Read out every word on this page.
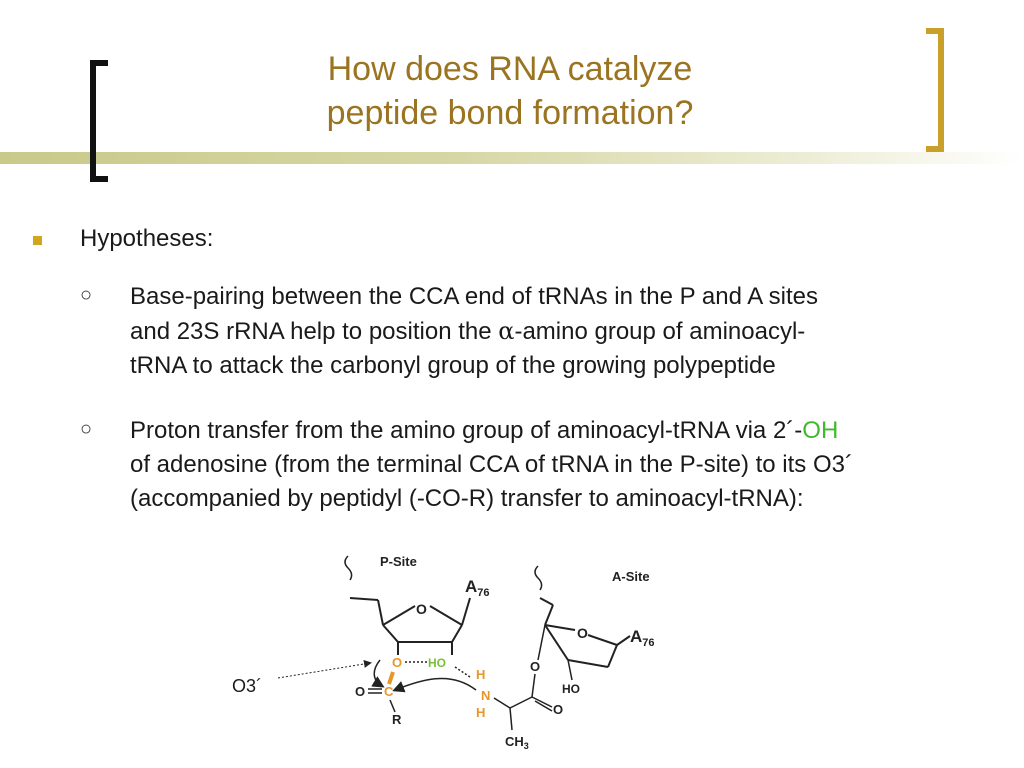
How does RNA catalyze
peptide bond formation?
Hypotheses:
○ Base-pairing between the CCA end of tRNAs in the P and A sites
and 23S rRNA help to position the α-amino group of aminoacyl-
tRNA to attack the carbonyl group of the growing polypeptide
○ Proton transfer from the amino group of aminoacyl-tRNA via 2´-OH
of adenosine (from the terminal CCA of tRNA in the P-site) to its O3´
(accompanied by peptidyl (-CO-R) transfer to aminoacyl-tRNA):
O3´
P-Site
O
$A_{76}$
O HO
C
O
R
H
N
H
$CH_3$
O
O
A-Site
O $A_{76}$
HO
